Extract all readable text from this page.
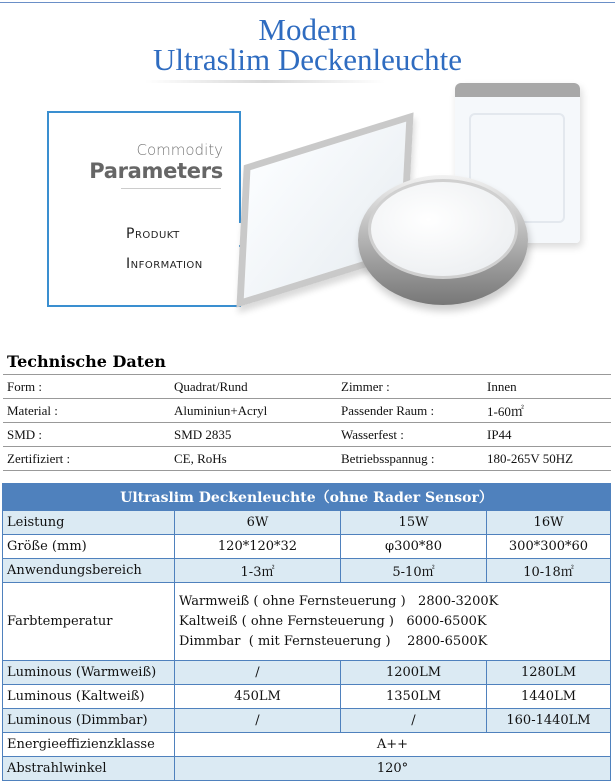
Modern
Ultraslim Deckenleuchte
Commodity
Parameters
Produkt
Information
Technische Daten
Form :	Quadrat/Rund	Zimmer :	Innen
Material :	Aluminiun+Acryl	Passender Raum :	1-60㎡
SMD :	SMD 2835	Wasserfest :	IP44
Zertifiziert :	CE, RoHs	Betriebsspannug :	180-265V 50HZ
Ultraslim Deckenleuchte（ohne Rader Sensor）			
Leistung	6W	15W	16W
Größe (mm)	120*120*32	φ300*80	300*300*60
Anwendungsbereich	1-3㎡	5-10㎡	10-18㎡
Farbtemperatur	Warmweiß ( ohne Fernsteuerung )   2800-3200K
Kaltweiß ( ohne Fernsteuerung )   6000-6500K
Dimmbar  ( mit Fernsteuerung )    2800-6500K		

Luminous (Warmweiß)	/	1200LM	1280LM
Luminous (Kaltweiß)	450LM	1350LM	1440LM
Luminous (Dimmbar)	/	/	160-1440LM
Energieeffizienzklasse	A++		
Abstrahlwinkel	120°		
